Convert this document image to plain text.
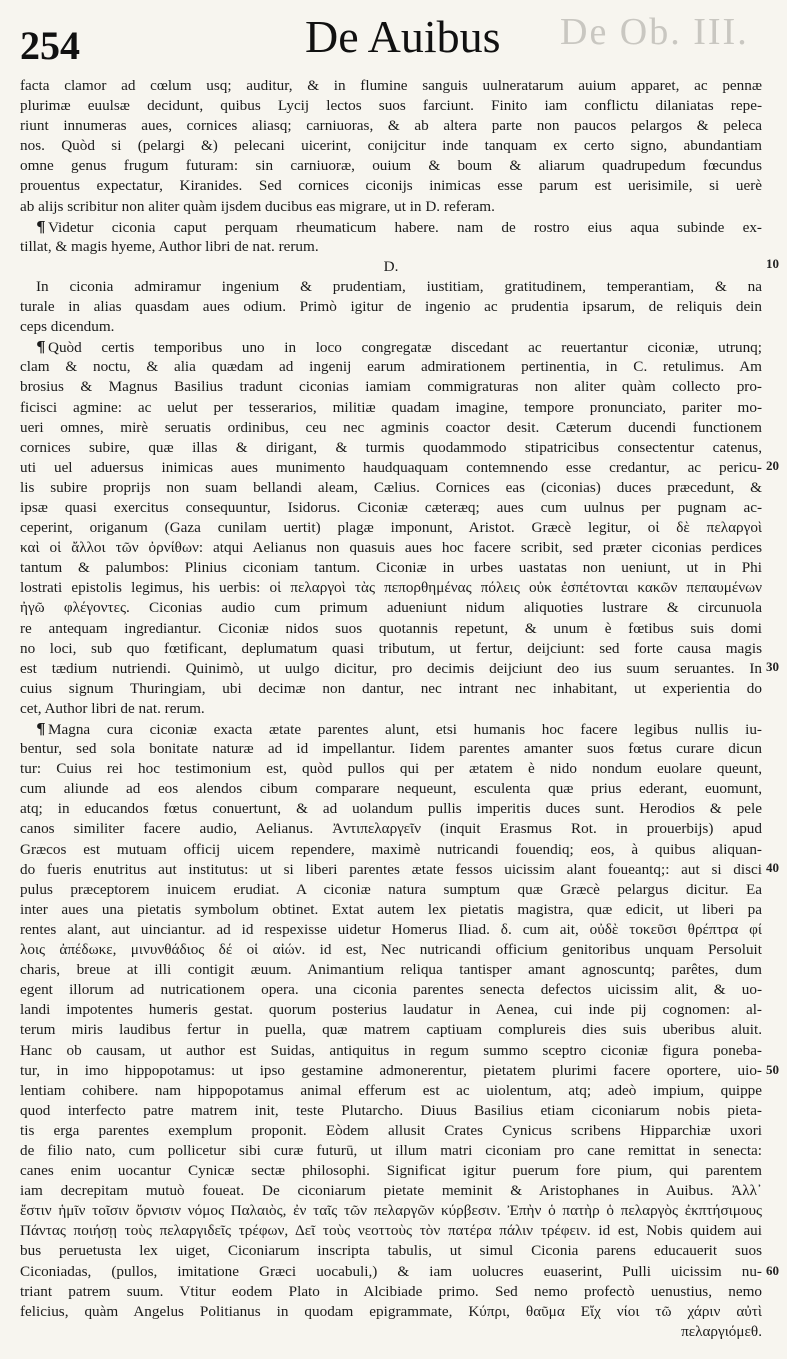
De Ob. III.
254	De Auibus
facta clamor ad cœlum usq; auditur, & in flumine sanguis uulneratarum auium apparet, ac pennæ
plurimæ euulsæ decidunt, quibus Lycij lectos suos farciunt. Finito iam conflictu dilaniatas repe-
riunt innumeras aues, cornices aliasq; carniuoras, & ab altera parte non paucos pelargos & peleca
nos. Quòd si (pelargi &) pelecani uicerint, conijcitur inde tanquam ex certo signo, abundantiam
omne genus frugum futuram: sin carniuoræ, ouium & boum & aliarum quadrupedum fœcundus
prouentus expectatur, Kiranides. Sed cornices ciconijs inimicas esse parum est uerisimile, si uerè
ab alijs scribitur non aliter quàm ijsdem ducibus eas migrare, ut in D. referam.
¶ Videtur ciconia caput perquam rheumaticum habere. nam de rostro eius aqua subinde ex-
tillat, & magis hyeme, Author libri de nat. rerum.
D.
In ciconia admiramur ingenium & prudentiam, iustitiam, gratitudinem, temperantiam, & na
turale in alias quasdam aues odium. Primò igitur de ingenio ac prudentia ipsarum, de reliquis dein
ceps dicendum.
¶ Quòd certis temporibus uno in loco congregatæ discedant ac reuertantur ciconiæ, utrunq;
clam & noctu, & alia quædam ad ingenij earum admirationem pertinentia, in C. retulimus. Am
brosius & Magnus Basilius tradunt ciconias iamiam commigraturas non aliter quàm collecto pro-
ficisci agmine: ac uelut per tesserarios, militiæ quadam imagine, tempore pronunciato, pariter mo-
ueri omnes, mirè seruatis ordinibus, ceu nec agminis coactor desit. Cæterum ducendi functionem
cornices subire, quæ illas & dirigant, & turmis quodammodo stipatricibus consectentur catenus,
uti uel aduersus inimicas aues munimento haudquaquam contemnendo esse credantur, ac pericu-
lis subire proprijs non suam bellandi aleam, Cælius. Cornices eas (ciconias) duces præcedunt, &
ipsæ quasi exercitus consequuntur, Isidorus. Ciconiæ cæteræq; aues cum uulnus per pugnam ac-
ceperint, origanum (Gaza cunilam uertit) plagæ imponunt, Aristot. Græcè legitur, οἱ δὲ πελαργοὶ
καὶ οἱ ἄλλοι τῶν ὀρνίθων: atqui Aelianus non quasuis aues hoc facere scribit, sed præter ciconias perdices
tantum & palumbos: Plinius ciconiam tantum. Ciconiæ in urbes uastatas non ueniunt, ut in Phi
lostrati epistolis legimus, his uerbis: οἱ πελαργοὶ τὰς πεπορθημένας πόλεις οὐκ ἐσπέτονται κακῶν πεπαυμένων
ἠγῶ φλέγοντες. Ciconias audio cum primum adueniunt nidum aliquoties lustrare & circunuola
re antequam ingrediantur. Ciconiæ nidos suos quotannis repetunt, & unum è fœtibus suis domi
no loci, sub quo fœtificant, deplumatum quasi tributum, ut fertur, deijciunt: sed forte causa magis
est tædium nutriendi. Quinimò, ut uulgo dicitur, pro decimis deijciunt deo ius suum seruantes. In
cuius signum Thuringiam, ubi decimæ non dantur, nec intrant nec inhabitant, ut experientia do
cet, Author libri de nat. rerum.
¶ Magna cura ciconiæ exacta ætate parentes alunt, etsi humanis hoc facere legibus nullis iu-
bentur, sed sola bonitate naturæ ad id impellantur. Iidem parentes amanter suos fœtus curare dicun
tur: Cuius rei hoc testimonium est, quòd pullos qui per ætatem è nido nondum euolare queunt,
cum aliunde ad eos alendos cibum comparare nequeunt, esculenta quæ prius ederant, euomunt,
atq; in educandos fœtus conuertunt, & ad uolandum pullis imperitis duces sunt. Herodios & pele
canos similiter facere audio, Aelianus. Ἀντιπελαργεῖν (inquit Erasmus Rot. in prouerbijs) apud
Græcos est mutuam officij uicem rependere, maximè nutricandi fouendiq; eos, à quibus aliquan-
do fueris enutritus aut institutus: ut si liberi parentes ætate fessos uicissim alant foueantq;: aut si disci
pulus præceptorem inuicem erudiat. A ciconiæ natura sumptum quæ Græcè pelargus dicitur. Ea
inter aues una pietatis symbolum obtinet. Extat autem lex pietatis magistra, quæ edicit, ut liberi pa
rentes alant, aut uinciantur. ad id respexisse uidetur Homerus Iliad. δ. cum ait, οὐδὲ τοκεῦσι θρέπτρα φί
λοις ἀπέδωκε, μινυνθάδιος δέ οἱ αἰών. id est, Nec nutricandi officium genitoribus unquam Persoluit
charis, breue at illi contigit æuum. Animantium reliqua tantisper amant agnoscuntq; parêtes, dum
egent illorum ad nutricationem opera. una ciconia parentes senecta defectos uicissim alit, & uo-
landi impotentes humeris gestat. quorum posterius laudatur in Aenea, cui inde pij cognomen: al-
terum miris laudibus fertur in puella, quæ matrem captiuam complureis dies suis uberibus aluit.
Hanc ob causam, ut author est Suidas, antiquitus in regum summo sceptro ciconiæ figura poneba-
tur, in imo hippopotamus: ut ipso gestamine admonerentur, pietatem plurimi facere oportere, uio-
lentiam cohibere. nam hippopotamus animal efferum est ac uiolentum, atq; adeò impium, quippe
quod interfecto patre matrem init, teste Plutarcho. Diuus Basilius etiam ciconiarum nobis pieta-
tis erga parentes exemplum proponit. Eòdem allusit Crates Cynicus scribens Hipparchiæ uxori
de filio nato, cum pollicetur sibi curæ futurū, ut illum matri ciconiam pro cane remittat in senecta:
canes enim uocantur Cynicæ sectæ philosophi. Significat igitur puerum fore pium, qui parentem
iam decrepitam mutuò foueat. De ciconiarum pietate meminit & Aristophanes in Auibus. Ἀλλ᾽
ἔστιν ἡμῖν τοῖσιν ὄρνισιν νόμος Παλαιὸς, ἐν ταῖς τῶν πελαργῶν κύρβεσιν. Ἐπὴν ὁ πατὴρ ὁ πελαργὸς ἐκπτήσιμους
Πάντας ποιήσῃ τοὺς πελαργιδεῖς τρέφων, Δεῖ τοὺς νεοττοὺς τὸν πατέρα πάλιν τρέφειν. id est, Nobis quidem aui
bus peruetusta lex uiget, Ciconiarum inscripta tabulis, ut simul Ciconia parens educauerit suos
Ciconiadas, (pullos, imitatione Græci uocabuli,) & iam uolucres euaserint, Pulli uicissim nu-
triant patrem suum. Vtitur eodem Plato in Alcibiade primo. Sed nemo profectò uenustius, nemo
felicius, quàm Angelus Politianus in quodam epigrammate, Κύπρι, θαῦμα Εἴχ νίοι τῶ χάριν αὐτὶ
πελαργιόμεθ.
10
20
30
40
50
60
